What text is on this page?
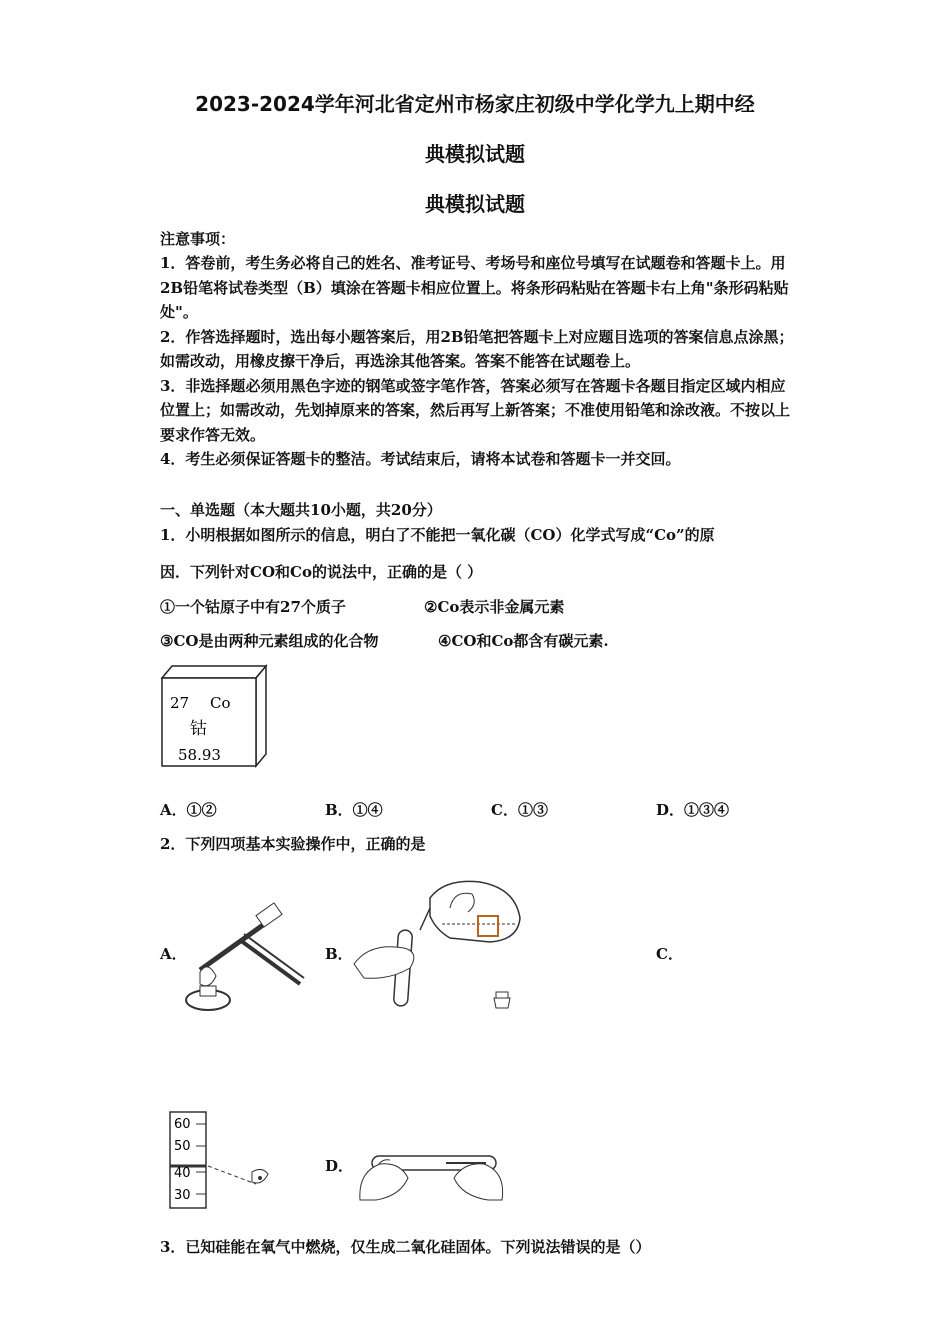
2023-2024学年河北省定州市杨家庄初级中学化学九上期中经
典模拟试题
典模拟试题
注意事项：
1．答卷前，考生务必将自己的姓名、准考证号、考场号和座位号填写在试题卷和答题卡上。用2B铅笔将试卷类型（B）填涂在答题卡相应位置上。将条形码粘贴在答题卡右上角"条形码粘贴处"。
2．作答选择题时，选出每小题答案后，用2B铅笔把答题卡上对应题目选项的答案信息点涂黑；如需改动，用橡皮擦干净后，再选涂其他答案。答案不能答在试题卷上。
3．非选择题必须用黑色字迹的钢笔或签字笔作答，答案必须写在答题卡各题目指定区域内相应位置上；如需改动，先划掉原来的答案，然后再写上新答案；不准使用铅笔和涂改液。不按以上要求作答无效。
4．考生必须保证答题卡的整洁。考试结束后，请将本试卷和答题卡一并交回。
一、单选题（本大题共10小题，共20分）
1．小明根据如图所示的信息，明白了不能把一氧化碳（CO）化学式写成“Co”的原
因．下列针对CO和Co的说法中，正确的是（ ）
①一个钴原子中有27个质子	②Co表示非金属元素
③CO是由两种元素组成的化合物	④CO和Co都含有碳元素.
27 Co
钴
58.93
A．①②	B．①④	C．①③	D．①③④
2．下列四项基本实验操作中，正确的是
A．	B．	C．
D．
60
50
40
30
3．已知硅能在氧气中燃烧，仅生成二氧化硅固体。下列说法错误的是（）
